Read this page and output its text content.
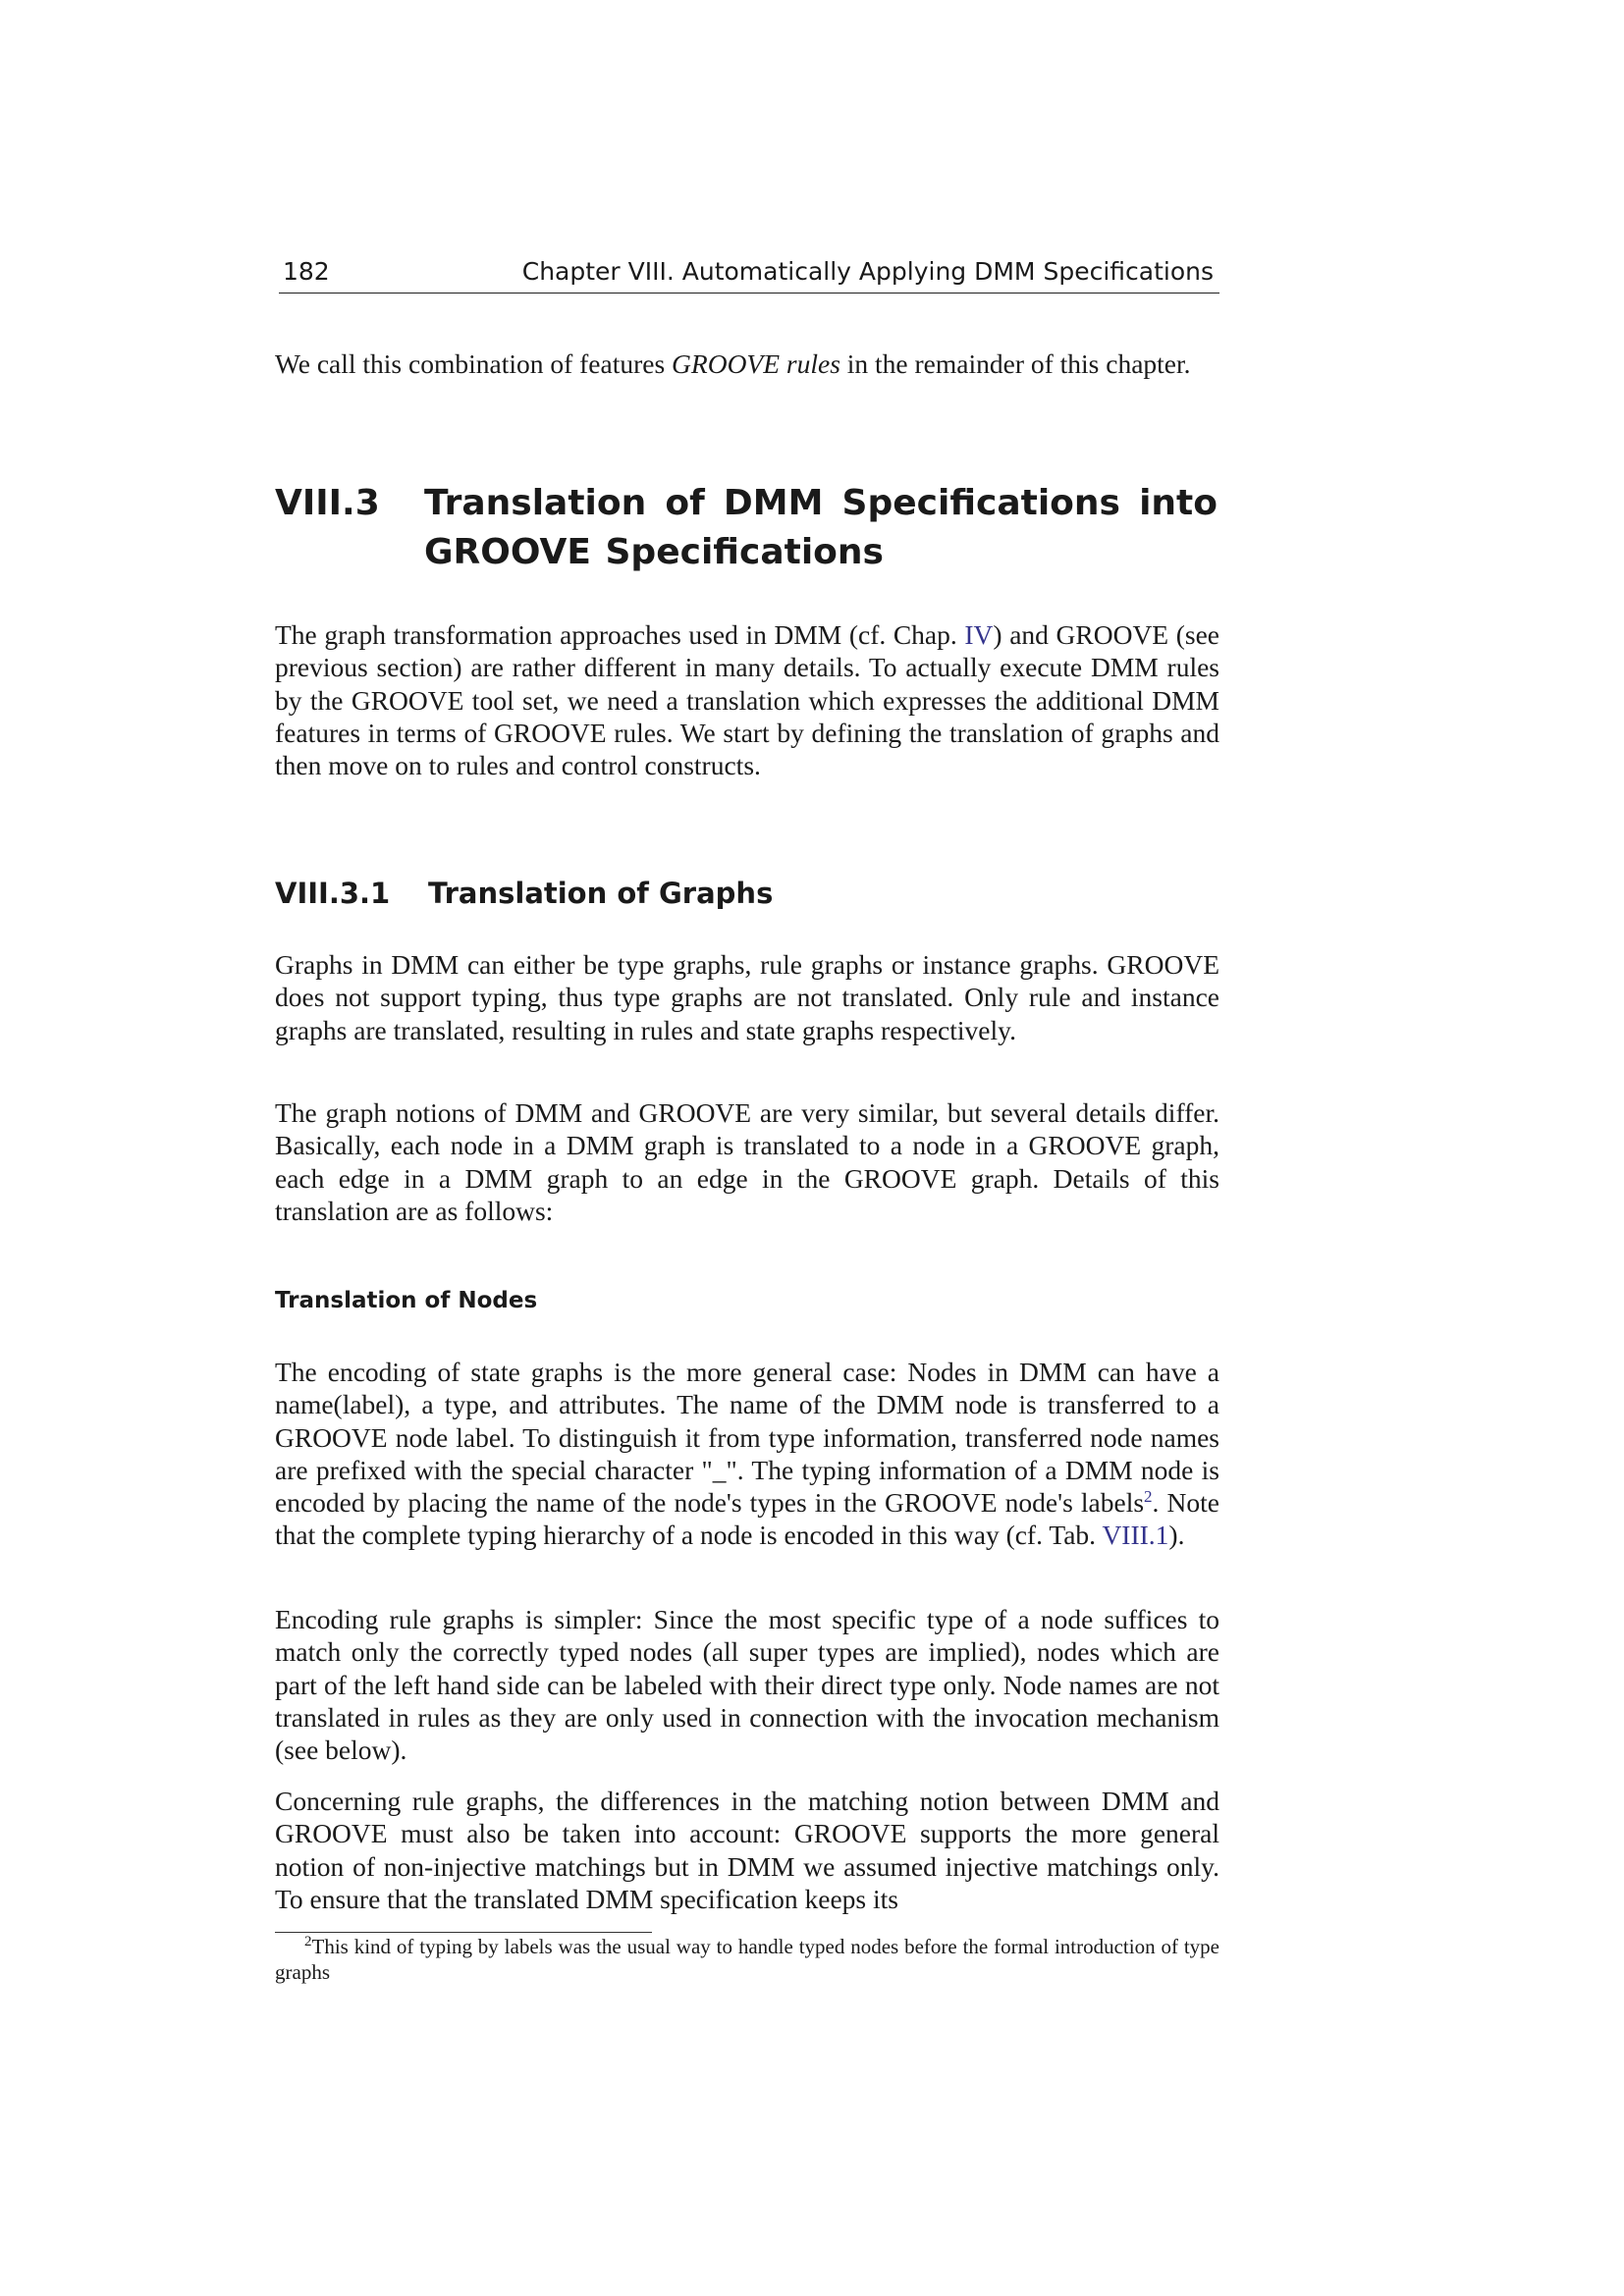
182	Chapter VIII. Automatically Applying DMM Specifications

We call this combination of features GROOVE rules in the remainder of this chapter.

VIII.3 Translation of DMM Specifications into GROOVE Specifications

The graph transformation approaches used in DMM (cf. Chap. IV) and GROOVE (see previous section) are rather different in many details. To actually execute DMM rules by the GROOVE tool set, we need a translation which expresses the additional DMM features in terms of GROOVE rules. We start by defining the translation of graphs and then move on to rules and control constructs.

VIII.3.1 Translation of Graphs

Graphs in DMM can either be type graphs, rule graphs or instance graphs. GROOVE does not support typing, thus type graphs are not translated. Only rule and instance graphs are translated, resulting in rules and state graphs respectively.

The graph notions of DMM and GROOVE are very similar, but several details differ. Basically, each node in a DMM graph is translated to a node in a GROOVE graph, each edge in a DMM graph to an edge in the GROOVE graph. Details of this translation are as follows:

Translation of Nodes

The encoding of state graphs is the more general case: Nodes in DMM can have a name(label), a type, and attributes. The name of the DMM node is transferred to a GROOVE node label. To distinguish it from type information, transferred node names are prefixed with the special character "_". The typing information of a DMM node is encoded by placing the name of the node's types in the GROOVE node's labels$^2$. Note that the complete typing hierarchy of a node is encoded in this way (cf. Tab. VIII.1).

Encoding rule graphs is simpler: Since the most specific type of a node suffices to match only the correctly typed nodes (all super types are implied), nodes which are part of the left hand side can be labeled with their direct type only. Node names are not translated in rules as they are only used in connection with the invocation mechanism (see below).

Concerning rule graphs, the differences in the matching notion between DMM and GROOVE must also be taken into account: GROOVE supports the more general notion of non-injective matchings but in DMM we assumed injective matchings only. To ensure that the translated DMM specification keeps its

$^2$This kind of typing by labels was the usual way to handle typed nodes before the formal introduction of type graphs
